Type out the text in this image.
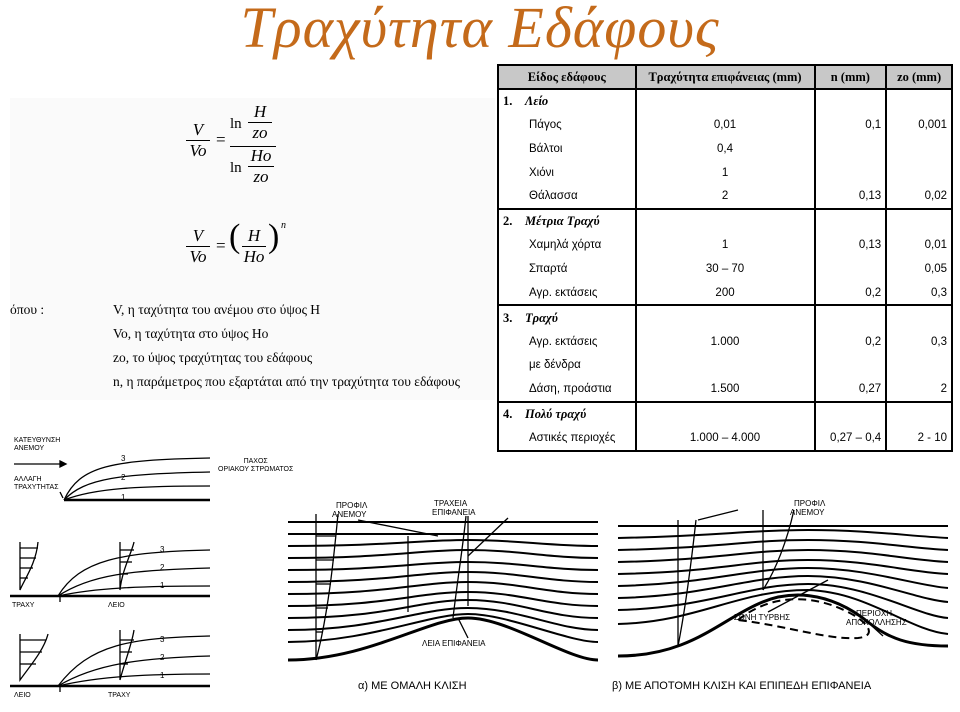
Τραχύτητα Εδάφους
V
Vo
=
ln
H
zo
ln
Ho
zo
V
Vo
= ( H
Ho
) n
όπου :	V, η ταχύτητα του ανέμου στο ύψος H
Vo, η ταχύτητα στο ύψος Ho
zo, το ύψος τραχύτητας του εδάφους
n, η παράμετρος που εξαρτάται από την τραχύτητα του εδάφους
Είδος εδάφους	Τραχύτητα επιφάνειας (mm)	n (mm)	zo (mm)
1. Λείο			
Πάγος	0,01	0,1	0,001
Βάλτοι	0,4		
Χιόνι	1		
Θάλασσα	2	0,13	0,02
2. Μέτρια Τραχύ			
Χαμηλά χόρτα	1	0,13	0,01
Σπαρτά	30 – 70		0,05
Αγρ. εκτάσεις	200	0,2	0,3
3. Τραχύ			
Αγρ. εκτάσεις	1.000	0,2	0,3
με δένδρα			
Δάση, προάστια	1.500	0,27	2
4. Πολύ τραχύ			
Αστικές περιοχές	1.000 – 4.000	0,27 – 0,4	2 - 10
3
2
1
3
2
1
3
2
1
ΚΑΤΕΥΘΥΝΣΗ
ΑΝΕΜΟΥ
ΑΛΛΑΓΗ
ΤΡΑΧΥΤΗΤΑΣ
ΠΑΧΟΣ
ΟΡΙΑΚΟΥ ΣΤΡΩΜΑΤΟΣ
ΤΡΑΧΥ	ΛΕΙΟ
ΛΕΙΟ	ΤΡΑΧΥ
ΠΡΟΦΙΛ
ΑΝΕΜΟΥ
ΤΡΑΧΕΙΑ
ΕΠΙΦΑΝΕΙΑ
ΛΕΙΑ ΕΠΙΦΑΝΕΙΑ
ΠΡΟΦΙΛ
ΑΝΕΜΟΥ
ΖΩΝΗ ΤΥΡΒΗΣ	ΠΕΡΙΟΧΗ
ΑΠΟΚΟΛΛΗΣΗΣ
α) ΜΕ ΟΜΑΛΗ ΚΛΙΣΗ	β) ΜΕ ΑΠΟΤΟΜΗ ΚΛΙΣΗ ΚΑΙ ΕΠΙΠΕΔΗ ΕΠΙΦΑΝΕΙΑ
